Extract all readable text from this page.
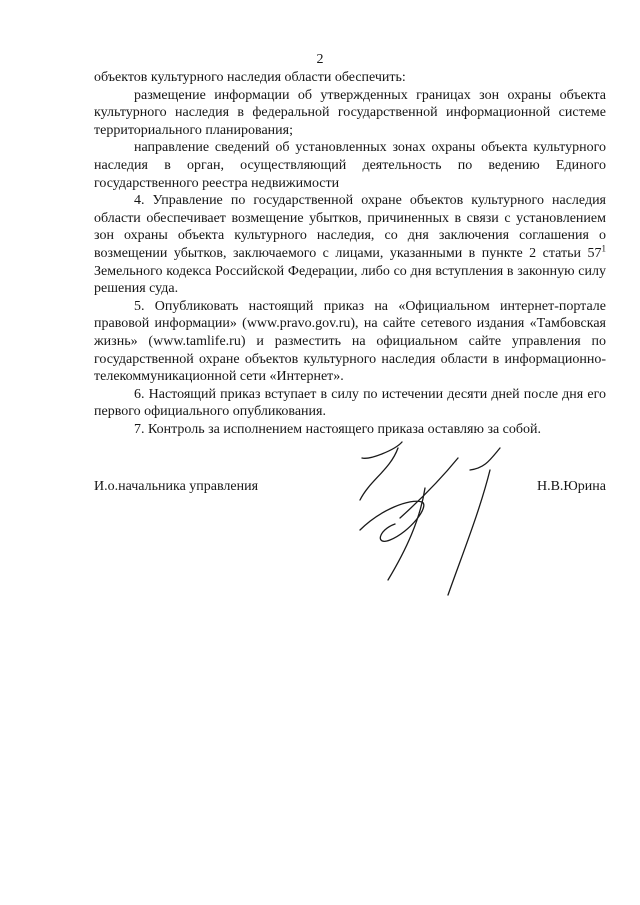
2

объектов культурного наследия области обеспечить:

размещение информации об утвержденных границах зон охраны объекта культурного наследия в федеральной государственной информационной системе территориального планирования;

направление сведений об установленных зонах охраны объекта культурного наследия в орган, осуществляющий деятельность по ведению Единого государственного реестра недвижимости

4. Управление по государственной охране объектов культурного наследия области обеспечивает возмещение убытков, причиненных в связи с установлением зон охраны объекта культурного наследия, со дня заключения соглашения о возмещении убытков, заключаемого с лицами, указанными в пункте 2 статьи $57^1$ Земельного кодекса Российской Федерации, либо со дня вступления в законную силу решения суда.

5. Опубликовать настоящий приказ на «Официальном интернет-портале правовой информации» (www.pravo.gov.ru), на сайте сетевого издания «Тамбовская жизнь» (www.tamlife.ru) и разместить на официальном сайте управления по государственной охране объектов культурного наследия области в информационно-телекоммуникационной сети «Интернет».

6. Настоящий приказ вступает в силу по истечении десяти дней после дня его первого официального опубликования.

7. Контроль за исполнением настоящего приказа оставляю за собой.

И.о.начальника управления	Н.В.Юрина
